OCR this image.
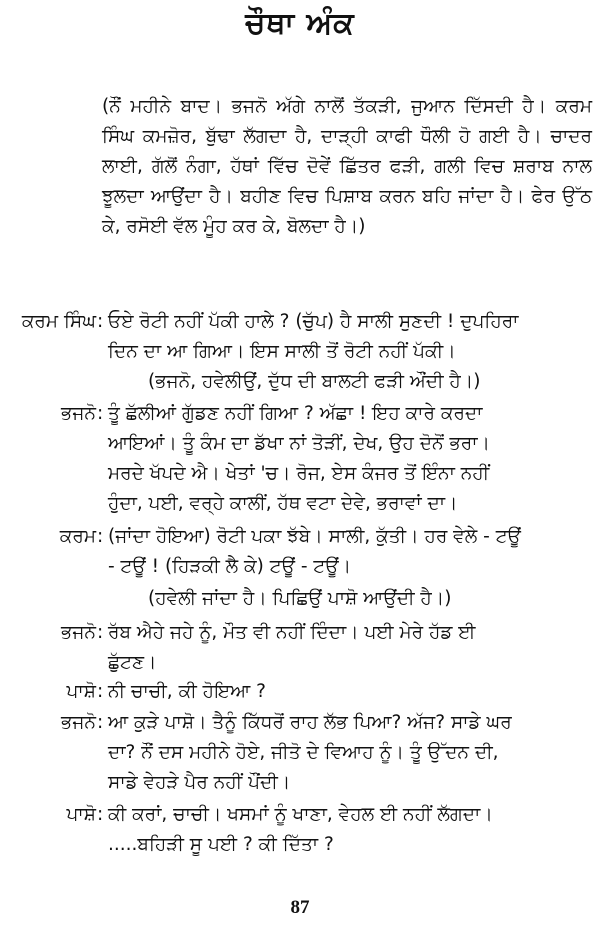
ਚੌਥਾ ਅੰਕ
(ਨੌਂ ਮਹੀਨੇ ਬਾਦ। ਭਜਨੋ ਅੱਗੇ ਨਾਲੋਂ ਤੱਕੜੀ, ਜੁਆਨ ਦਿੱਸਦੀ ਹੈ। ਕਰਮ ਸਿੰਘ ਕਮਜ਼ੋਰ, ਬੁੱਢਾ ਲੱਗਦਾ ਹੈ, ਦਾੜ੍ਹੀ ਕਾਫੀ ਧੌਲੀ ਹੋ ਗਈ ਹੈ। ਚਾਦਰ ਲਾਈ, ਗੱਲੋਂ ਨੰਗਾ, ਹੱਥਾਂ ਵਿੱਚ ਦੋਵੇਂ ਛਿੱਤਰ ਫੜੀ, ਗਲੀ ਵਿਚ ਸ਼ਰਾਬ ਨਾਲ ਝੂਲਦਾ ਆਉਂਦਾ ਹੈ। ਬਹੀਣ ਵਿਚ ਪਿਸ਼ਾਬ ਕਰਨ ਬਹਿ ਜਾਂਦਾ ਹੈ। ਫੇਰ ਉੱਠ ਕੇ, ਰਸੋਈ ਵੱਲ ਮੂੰਹ ਕਰ ਕੇ, ਬੋਲਦਾ ਹੈ।)
ਕਰਮ ਸਿੰਘ : ਓਏ ਰੋਟੀ ਨਹੀਂ ਪੱਕੀ ਹਾਲੇ ? (ਚੁੱਪ) ਹੈ ਸਾਲੀ ਸੁਣਦੀ ! ਦੁਪਹਿਰਾ
ਦਿਨ ਦਾ ਆ ਗਿਆ। ਇਸ ਸਾਲੀ ਤੋਂ ਰੋਟੀ ਨਹੀਂ ਪੱਕੀ।
(ਭਜਨੋ, ਹਵੇਲੀਉਂ, ਦੁੱਧ ਦੀ ਬਾਲਟੀ ਫੜੀ ਔਂਦੀ ਹੈ।)
ਭਜਨੋ : ਤੂੰ ਛੱਲੀਆਂ ਗੁੱਡਣ ਨਹੀਂ ਗਿਆ ? ਅੱਛਾ ! ਇਹ ਕਾਰੇ ਕਰਦਾ
ਆਇਆਂ। ਤੂੰ ਕੰਮ ਦਾ ਡੱਖਾ ਨਾਂ ਤੋੜੀਂ, ਦੇਖ, ਉਹ ਦੋਨੋਂ ਭਰਾ।
ਮਰਦੇ ਖੱਪਦੇ ਐ। ਖੇਤਾਂ 'ਚ। ਰੋਜ, ਏਸ ਕੰਜਰ ਤੋਂ ਇੰਨਾ ਨਹੀਂ
ਹੁੰਦਾ, ਪਈ, ਵਰ੍ਹੇ ਕਾਲੀਂ, ਹੱਥ ਵਟਾ ਦੇਵੇ, ਭਰਾਵਾਂ ਦਾ।
ਕਰਮ : (ਜਾਂਦਾ ਹੋਇਆ) ਰੋਟੀ ਪਕਾ ਝੱਬੇ। ਸਾਲੀ, ਕੁੱਤੀ। ਹਰ ਵੇਲੇ - ਟਊਂ
- ਟਊਂ ! (ਹਿੜਕੀ ਲੈ ਕੇ) ਟਊਂ - ਟਊਂ।
(ਹਵੇਲੀ ਜਾਂਦਾ ਹੈ। ਪਿਛਿਉਂ ਪਾਸ਼ੋ ਆਉਂਦੀ ਹੈ।)
ਭਜਨੋ : ਰੱਬ ਐਹੇ ਜਹੇ ਨੂੰ, ਮੌਤ ਵੀ ਨਹੀਂ ਦਿੰਦਾ। ਪਈ ਮੇਰੇ ਹੱਡ ਈ
ਛੁੱਟਣ।
ਪਾਸ਼ੋ : ਨੀ ਚਾਚੀ, ਕੀ ਹੋਇਆ ?
ਭਜਨੋ : ਆ ਕੁੜੇ ਪਾਸ਼ੋ। ਤੈਨੂੰ ਕਿੱਧਰੋਂ ਰਾਹ ਲੱਭ ਪਿਆ? ਅੱਜ? ਸਾਡੇ ਘਰ
ਦਾ? ਨੌਂ ਦਸ ਮਹੀਨੇ ਹੋਏ, ਜੀਤੋ ਦੇ ਵਿਆਹ ਨੂੰ। ਤੂੰ ਉੱਦਨ ਦੀ,
ਸਾਡੇ ਵੇਹੜੇ ਪੈਰ ਨਹੀਂ ਪੌਂਦੀ।
ਪਾਸ਼ੋ : ਕੀ ਕਰਾਂ, ਚਾਚੀ। ਖਸਮਾਂ ਨੂੰ ਖਾਣਾ, ਵੇਹਲ ਈ ਨਹੀਂ ਲੱਗਦਾ।
.....ਬਹਿੜੀ ਸੂ ਪਈ ? ਕੀ ਦਿੱਤਾ ?
87
